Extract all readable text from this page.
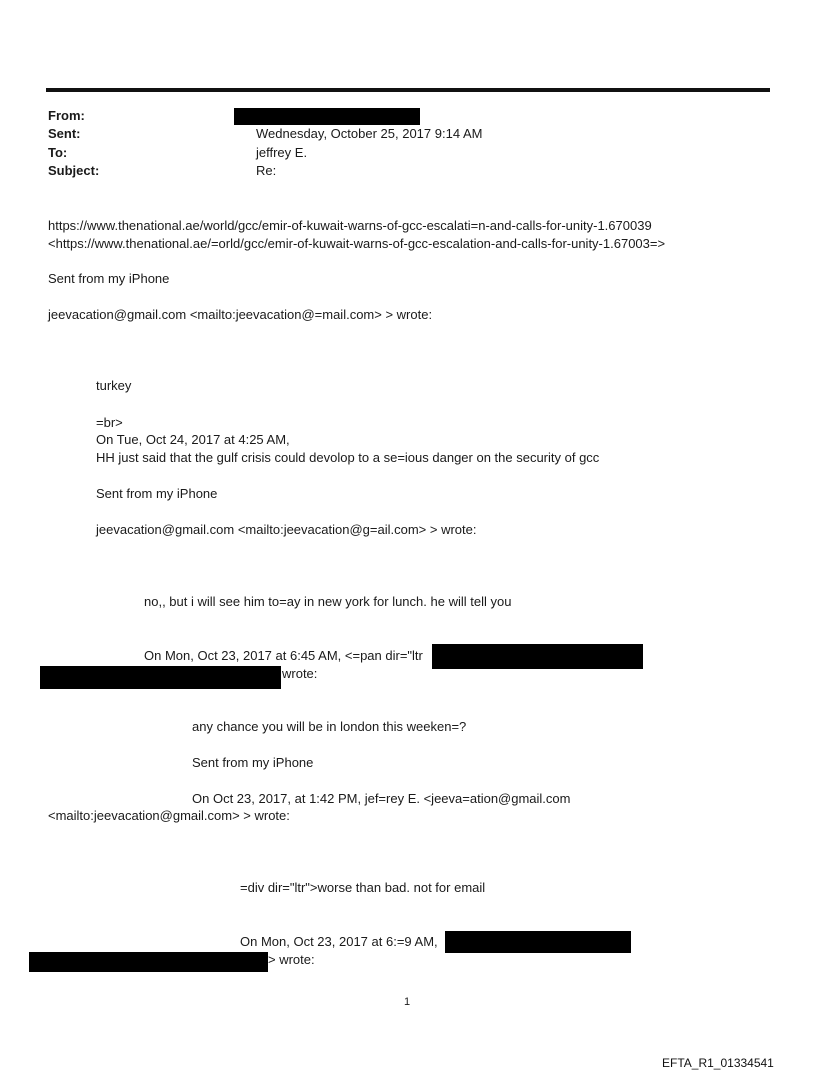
From:
Sent:	Wednesday, October 25, 2017 9:14 AM
To:	jeffrey E.
Subject:	Re:
https://www.thenational.ae/world/gcc/emir-of-kuwait-warns-of-gcc-escalati=n-and-calls-for-unity-1.670039
<https://www.thenational.ae/=orld/gcc/emir-of-kuwait-warns-of-gcc-escalation-and-calls-for-unity-1.67003=>
Sent from my iPhone
jeevacation@gmail.com <mailto:jeevacation@=mail.com> > wrote:
turkey
=br>
On Tue, Oct 24, 2017 at 4:25 AM,
HH just said that the gulf crisis could devolop to a se=ious danger on the security of gcc
Sent from my iPhone
jeevacation@gmail.com <mailto:jeevacation@g=ail.com> > wrote:
no,, but i will see him to=ay in new york for lunch. he will tell you
On Mon, Oct 23, 2017 at 6:45 AM, <=pan dir="ltr
wrote:
any chance you will be in london this weeken=?
Sent from my iPhone
On Oct 23, 2017, at 1:42 PM, jef=rey E. <jeeva=ation@gmail.com
<mailto:jeevacation@gmail.com> > wrote:
=div dir="ltr">worse than bad. not for email
On Mon, Oct 23, 2017 at 6:=9 AM,
> wrote:
1
EFTA_R1_01334541
